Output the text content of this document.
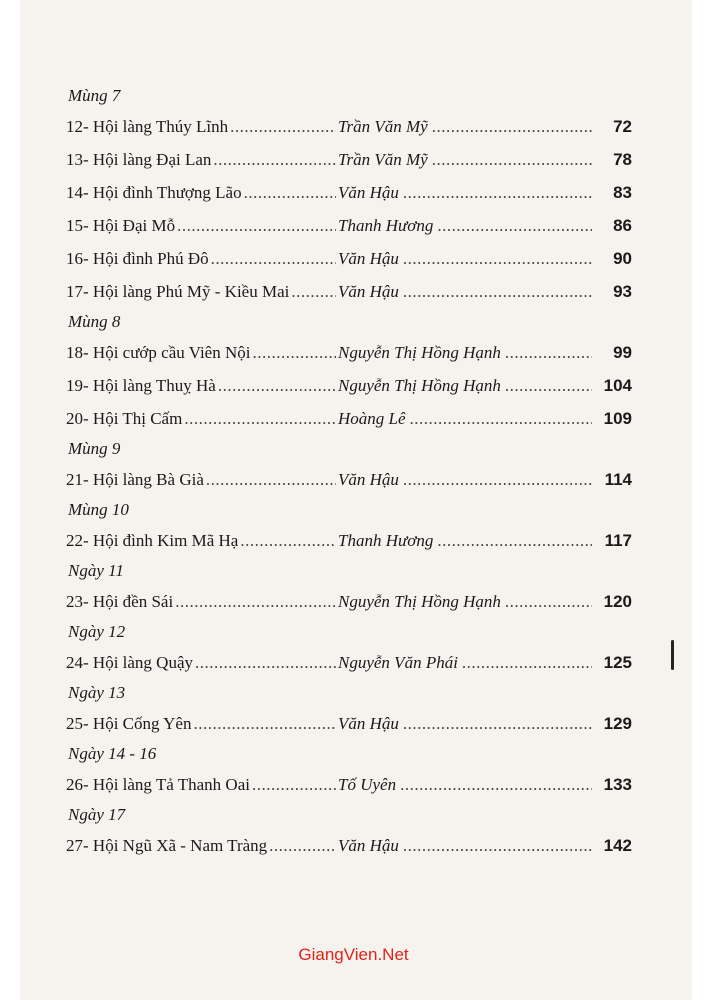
Mùng 7
12- Hội làng Thúy Lĩnh .....	Trần Văn Mỹ .....	72
13- Hội làng Đại Lan .....	Trần Văn Mỹ .....	78
14- Hội đình Thượng Lão .....	Văn Hậu .....	83
15- Hội Đại Mỗ .....	Thanh Hương .....	86
16- Hội đình Phú Đô .....	Văn Hậu .....	90
17- Hội làng Phú Mỹ - Kiều Mai .....	Văn Hậu .....	93
Mùng 8
18- Hội cướp cầu Viên Nội .....	Nguyễn Thị Hồng Hạnh .....	99
19- Hội làng Thuỵ Hà .....	Nguyễn Thị Hồng Hạnh .....	104
20- Hội Thị Cấm .....	Hoàng Lê .....	109
Mùng 9
21- Hội làng Bà Già .....	Văn Hậu .....	114
Mùng 10
22- Hội đình Kim Mã Hạ .....	Thanh Hương .....	117
Ngày 11
23- Hội đền Sái .....	Nguyễn Thị Hồng Hạnh .....	120
Ngày 12
24- Hội làng Quậy .....	Nguyễn Văn Phái .....	125
Ngày 13
25- Hội Cống Yên .....	Văn Hậu .....	129
Ngày 14 - 16
26- Hội làng Tả Thanh Oai .....	Tố Uyên .....	133
Ngày 17
27- Hội Ngũ Xã - Nam Tràng .....	Văn Hậu .....	142
GiangVien.Net
